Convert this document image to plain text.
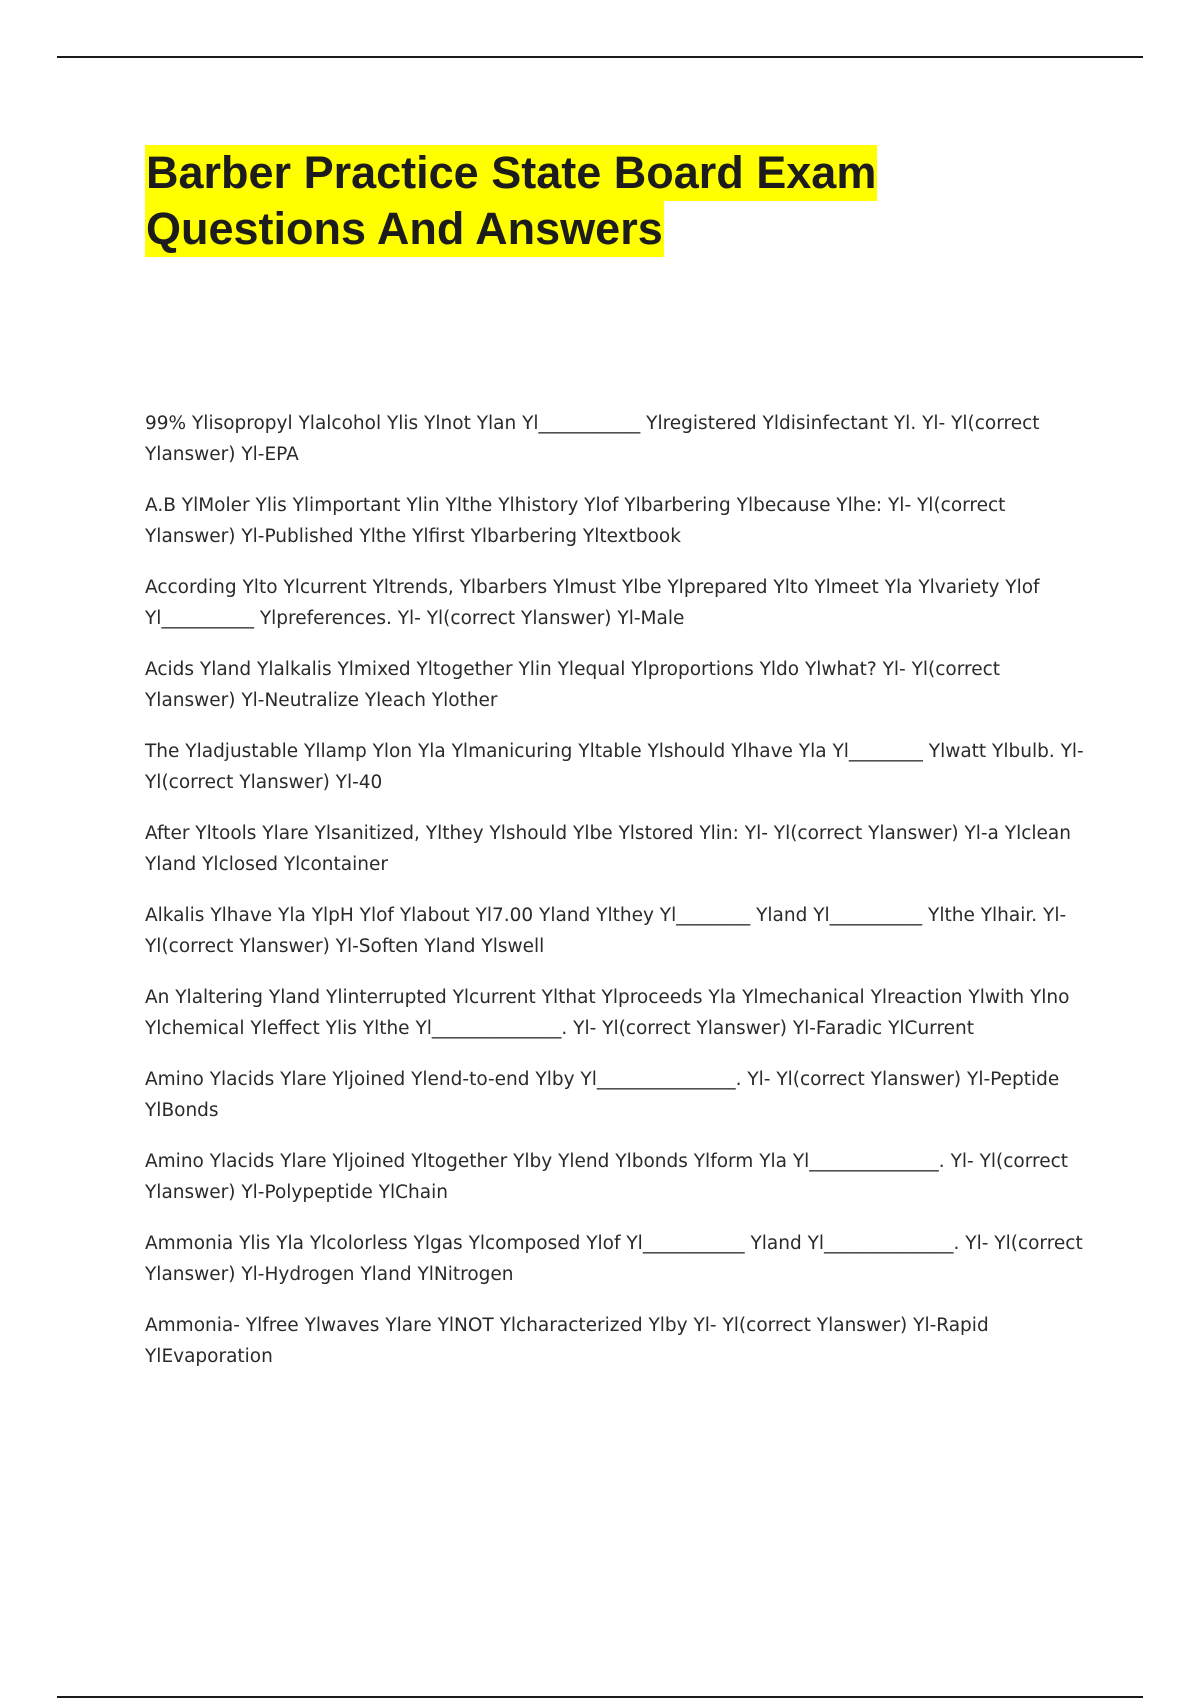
Barber Practice State Board Exam
Questions And Answers

99% Ylisopropyl Ylalcohol Ylis Ylnot Ylan Yl___________ Ylregistered Yldisinfectant Yl. Yl- Yl(correct Ylanswer) Yl-EPA

A.B YlMoler Ylis Ylimportant Ylin Ylthe Ylhistory Ylof Ylbarbering Ylbecause Ylhe: Yl- Yl(correct Ylanswer) Yl-Published Ylthe Ylfirst Ylbarbering Yltextbook

According Ylto Ylcurrent Yltrends, Ylbarbers Ylmust Ylbe Ylprepared Ylto Ylmeet Yla Ylvariety Ylof Yl__________ Ylpreferences. Yl- Yl(correct Ylanswer) Yl-Male

Acids Yland Ylalkalis Ylmixed Yltogether Ylin Ylequal Ylproportions Yldo Ylwhat? Yl- Yl(correct Ylanswer) Yl-Neutralize Yleach Ylother

The Yladjustable Yllamp Ylon Yla Ylmanicuring Yltable Ylshould Ylhave Yla Yl________ Ylwatt Ylbulb. Yl- Yl(correct Ylanswer) Yl-40

After Yltools Ylare Ylsanitized, Ylthey Ylshould Ylbe Ylstored Ylin: Yl- Yl(correct Ylanswer) Yl-a Ylclean Yland Ylclosed Ylcontainer

Alkalis Ylhave Yla YlpH Ylof Ylabout Yl7.00 Yland Ylthey Yl________ Yland Yl__________ Ylthe Ylhair. Yl- Yl(correct Ylanswer) Yl-Soften Yland Ylswell

An Ylaltering Yland Ylinterrupted Ylcurrent Ylthat Ylproceeds Yla Ylmechanical Ylreaction Ylwith Ylno Ylchemical Yleffect Ylis Ylthe Yl______________. Yl- Yl(correct Ylanswer) Yl-Faradic YlCurrent

Amino Ylacids Ylare Yljoined Ylend-to-end Ylby Yl_______________. Yl- Yl(correct Ylanswer) Yl-Peptide YlBonds

Amino Ylacids Ylare Yljoined Yltogether Ylby Ylend Ylbonds Ylform Yla Yl______________. Yl- Yl(correct Ylanswer) Yl-Polypeptide YlChain

Ammonia Ylis Yla Ylcolorless Ylgas Ylcomposed Ylof Yl___________ Yland Yl______________. Yl- Yl(correct Ylanswer) Yl-Hydrogen Yland YlNitrogen

Ammonia- Ylfree Ylwaves Ylare YlNOT Ylcharacterized Ylby Yl- Yl(correct Ylanswer) Yl-Rapid YlEvaporation
